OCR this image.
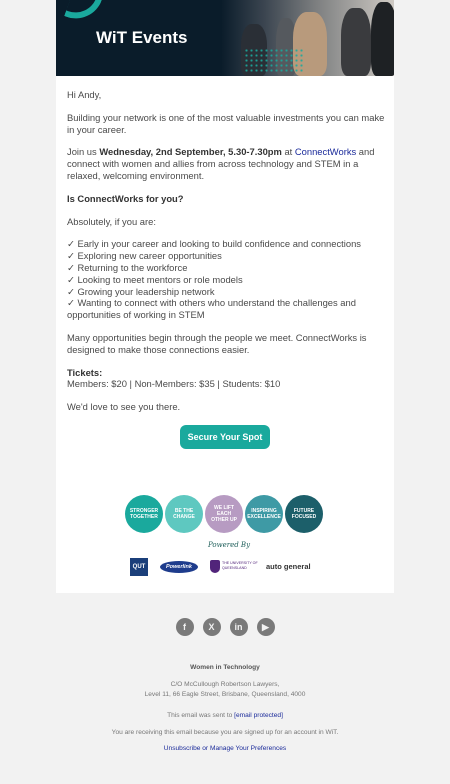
WiT Events

Hi Andy,

Building your network is one of the most valuable investments you can make in your career.

Join us Wednesday, 2nd September, 5.30-7.30pm at ConnectWorks and connect with women and allies from across technology and STEM in a relaxed, welcoming environment.

Is ConnectWorks for you?

Absolutely, if you are:

✓ Early in your career and looking to build confidence and connections
✓ Exploring new career opportunities
✓ Returning to the workforce
✓ Looking to meet mentors or role models
✓ Growing your leadership network
✓ Wanting to connect with others who understand the challenges and opportunities of working in STEM

Many opportunities begin through the people we meet. ConnectWorks is designed to make those connections easier.

Tickets:
Members: $20 | Non-Members: $35 | Students: $10

We'd love to see you there.

Secure Your Spot
STRONGER TOGETHER
BE THE CHANGE
WE LIFT EACH OTHER UP
INSPIRING EXCELLENCE
FUTURE FOCUSED
Powered By
QUT	Powerlink
THE UNIVERSITY OF QUEENSLAND	auto general
f	X	in	▶
Women in Technology
C/O McCullough Robertson Lawyers,
Level 11, 66 Eagle Street, Brisbane, Queensland, 4000
This email was sent to [email protected]
You are receiving this email because you are signed up for an account in WiT.
Unsubscribe or Manage Your Preferences
